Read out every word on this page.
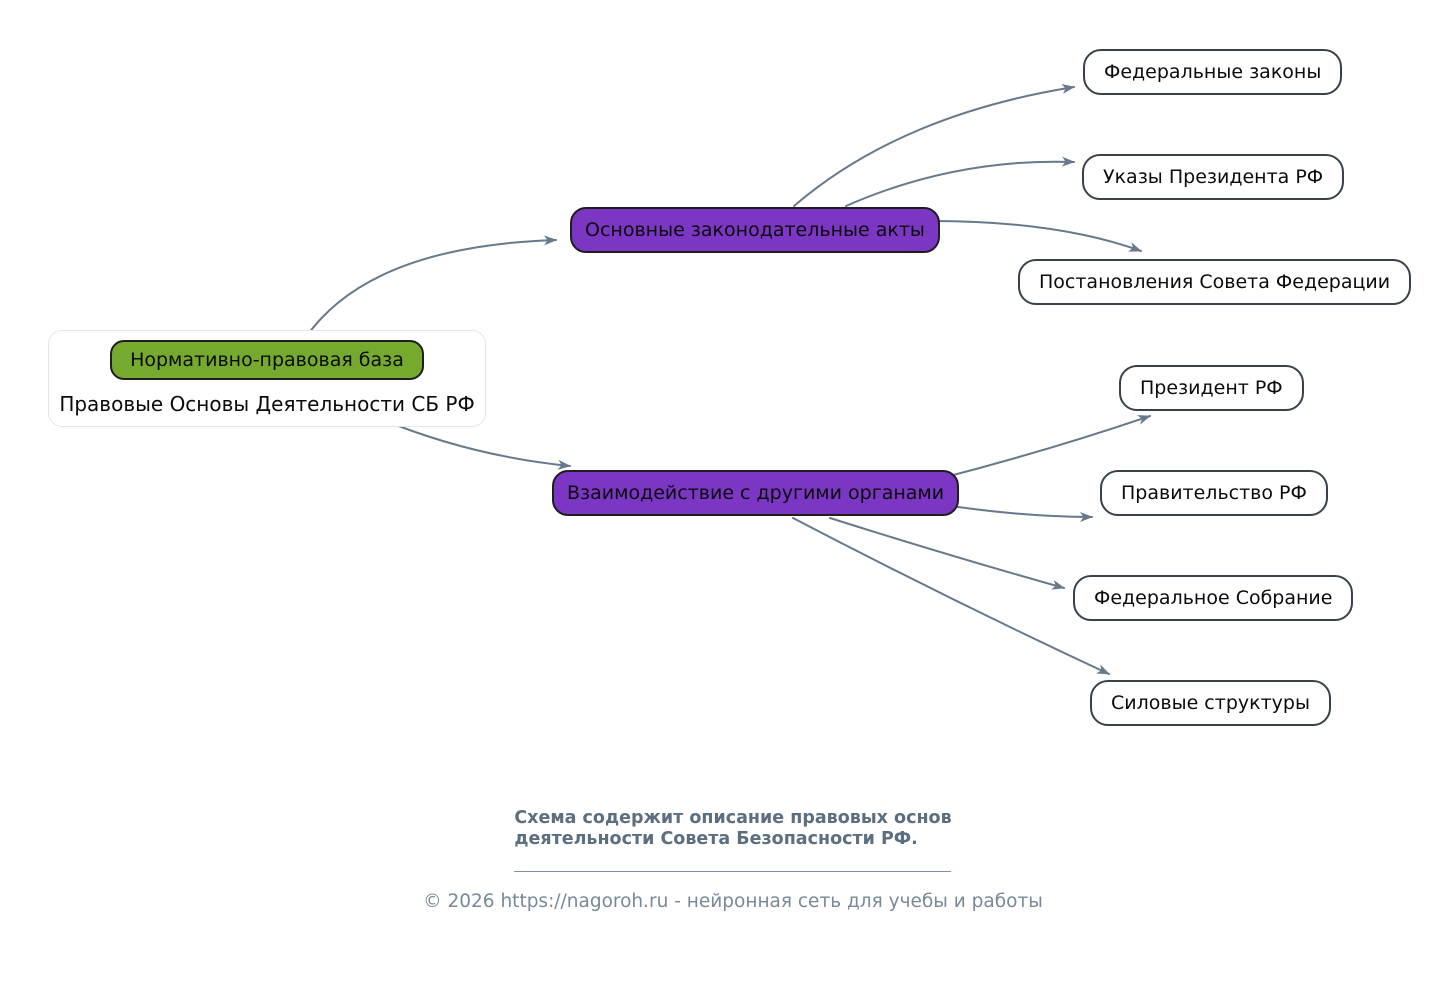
Нормативно-правовая база
Правовые Основы Деятельности СБ РФ
Основные законодательные акты
Взаимодействие с другими органами
Федеральные законы
Указы Президента РФ
Постановления Совета Федерации
Президент РФ
Правительство РФ
Федеральное Собрание
Силовые структуры
Схема содержит описание правовых основ
деятельности Совета Безопасности РФ.
© 2026 https://nagoroh.ru - нейронная сеть для учебы и работы
